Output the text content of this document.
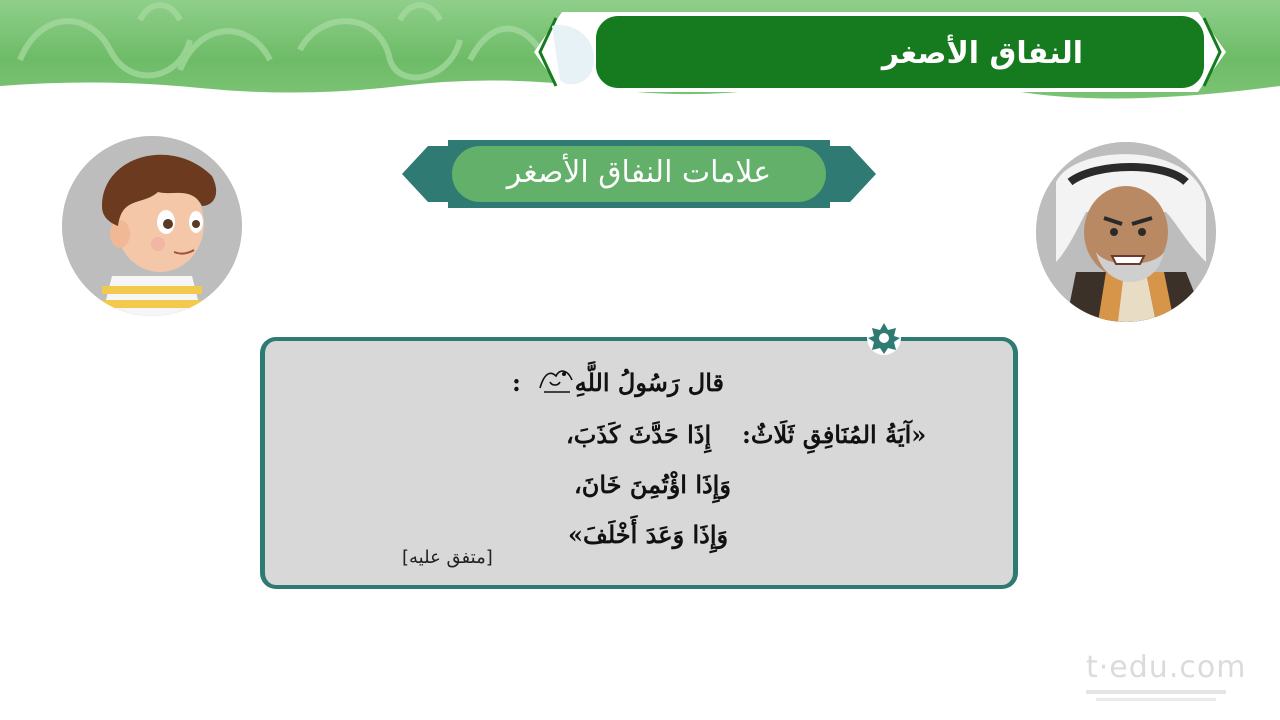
النفاق الأصغر
علامات النفاق الأصغر
قال رَسُولُ اللَّهِ
:
«آيَةُ المُنَافِقِ ثَلَاثٌ:
إِذَا حَدَّثَ كَذَبَ،
وَإِذَا اؤْتُمِنَ خَانَ،
وَإِذَا وَعَدَ أَخْلَفَ»
[متفق عليه]
t·edu.com
